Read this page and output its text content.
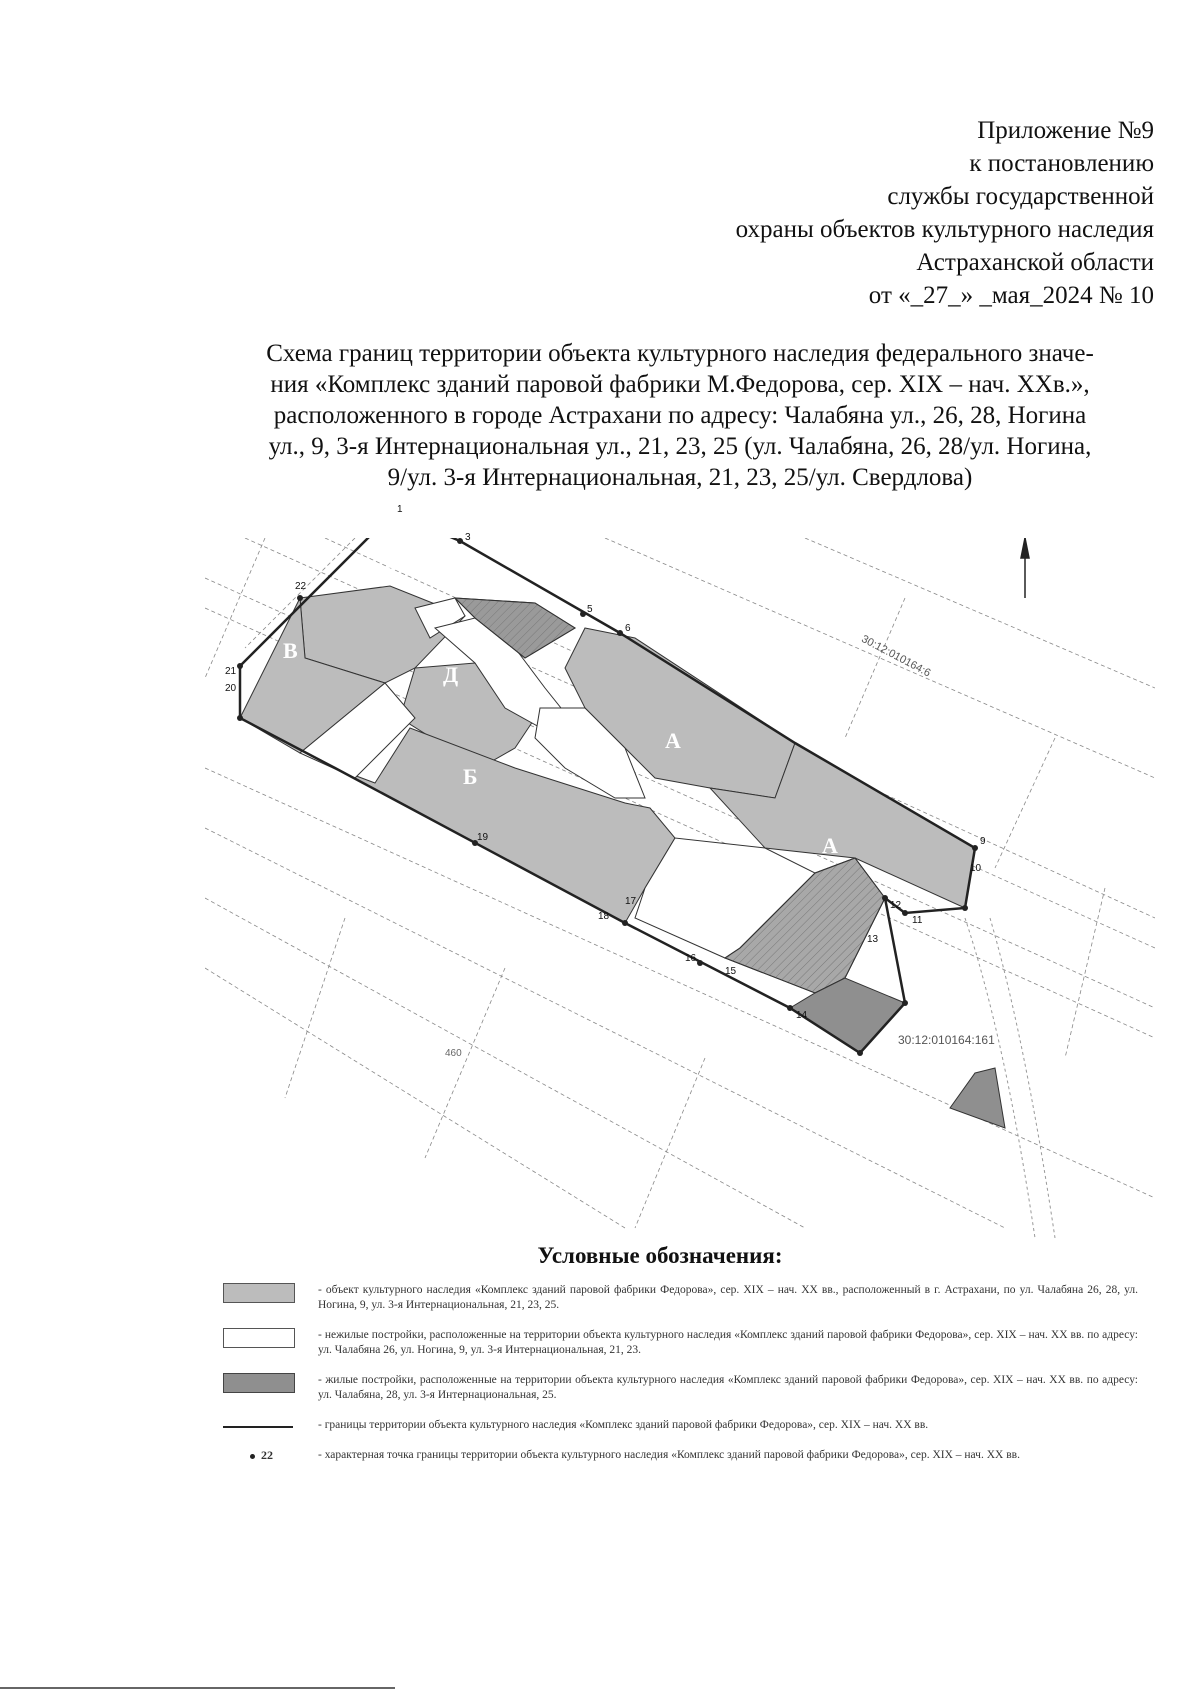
Приложение №9
к постановлению
службы государственной
охраны объектов культурного наследия
Астраханской области
от «_27_» _мая_2024 № 10
Схема границ территории объекта культурного наследия федерального значе-
ния «Комплекс зданий паровой фабрики М.Федорова, сер. XIX – нач. XXв.»,
расположенного в городе Астрахани по адресу: Чалабяна ул., 26, 28, Ногина
ул., 9, 3-я Интернациональная ул., 21, 23, 25 (ул. Чалабяна, 26, 28/ул. Ногина,
9/ул. 3-я Интернациональная, 21, 23, 25/ул. Свердлова)
Г
В
Д
А
Б
А
1
3
5
6
9
10
11
12
13
14
15
16
17
18
19
20
21
22
30:12:010164:6
30:12:010164:161
460
Условные обозначения:
- объект культурного наследия «Комплекс зданий паровой фабрики Федорова», сер. XIX – нач. XX вв., расположенный в г. Астрахани, по ул. Чалабяна 26, 28, ул. Ногина, 9, ул. 3-я Интернациональная, 21, 23, 25.
- нежилые постройки, расположенные на территории объекта культурного наследия «Комплекс зданий паровой фабрики Федорова», сер. XIX – нач. XX вв. по адресу: ул. Чалабяна 26, ул. Ногина, 9, ул. 3-я Интернациональная, 21, 23.
- жилые постройки, расположенные на территории объекта культурного наследия «Комплекс зданий паровой фабрики Федорова», сер. XIX – нач. XX вв. по адресу: ул. Чалабяна, 28, ул. 3-я Интернациональная, 25.
- границы территории объекта культурного наследия «Комплекс зданий паровой фабрики Федорова», сер. XIX – нач. XX вв.
22	- характерная точка границы территории объекта культурного наследия «Комплекс зданий паровой фабрики Федорова», сер. XIX – нач. XX вв.
